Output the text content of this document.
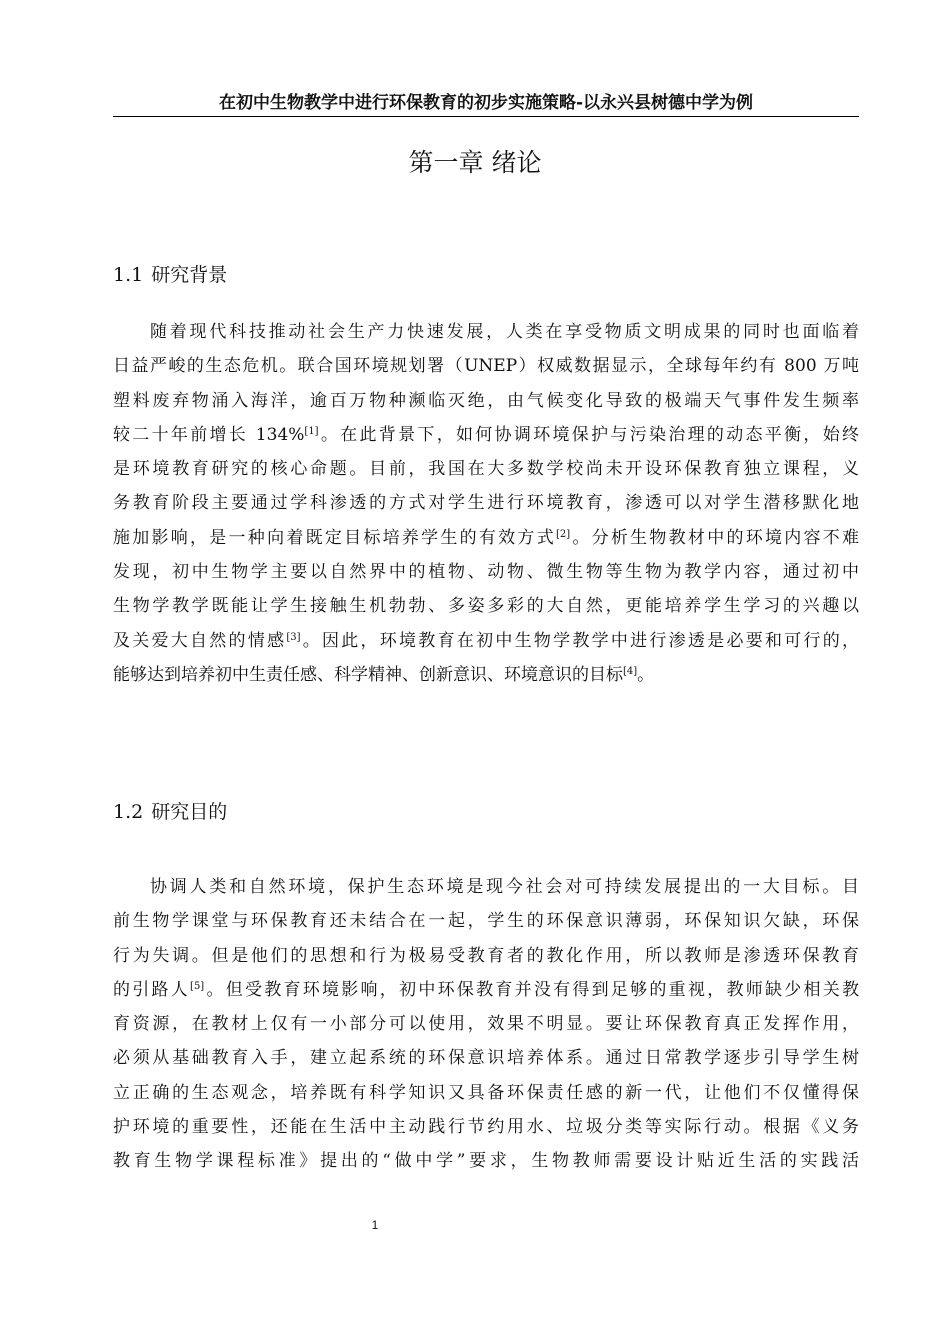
在初中生物教学中进行环保教育的初步实施策略-以永兴县树德中学为例
第一章 绪论
1.1 研究背景
随着现代科技推动社会生产力快速发展，人类在享受物质文明成果的同时也面临着
日益严峻的生态危机。联合国环境规划署（UNEP）权威数据显示，全球每年约有 800 万吨
塑料废弃物涌入海洋，逾百万物种濒临灭绝，由气候变化导致的极端天气事件发生频率
较二十年前增长 134%[1]。在此背景下，如何协调环境保护与污染治理的动态平衡，始终
是环境教育研究的核心命题。目前，我国在大多数学校尚未开设环保教育独立课程，义
务教育阶段主要通过学科渗透的方式对学生进行环境教育，渗透可以对学生潜移默化地
施加影响，是一种向着既定目标培养学生的有效方式[2]。分析生物教材中的环境内容不难
发现，初中生物学主要以自然界中的植物、动物、微生物等生物为教学内容，通过初中
生物学教学既能让学生接触生机勃勃、多姿多彩的大自然，更能培养学生学习的兴趣以
及关爱大自然的情感[3]。因此，环境教育在初中生物学教学中进行渗透是必要和可行的，
能够达到培养初中生责任感、科学精神、创新意识、环境意识的目标[4]。
1.2 研究目的
协调人类和自然环境，保护生态环境是现今社会对可持续发展提出的一大目标。目
前生物学课堂与环保教育还未结合在一起，学生的环保意识薄弱，环保知识欠缺，环保
行为失调。但是他们的思想和行为极易受教育者的教化作用，所以教师是渗透环保教育
的引路人[5]。但受教育环境影响，初中环保教育并没有得到足够的重视，教师缺少相关教
育资源，在教材上仅有一小部分可以使用，效果不明显。要让环保教育真正发挥作用，
必须从基础教育入手，建立起系统的环保意识培养体系。通过日常教学逐步引导学生树
立正确的生态观念，培养既有科学知识又具备环保责任感的新一代，让他们不仅懂得保
护环境的重要性，还能在生活中主动践行节约用水、垃圾分类等实际行动。根据《义务
教育生物学课程标准》提出的“做中学”要求，生物教师需要设计贴近生活的实践活
1
